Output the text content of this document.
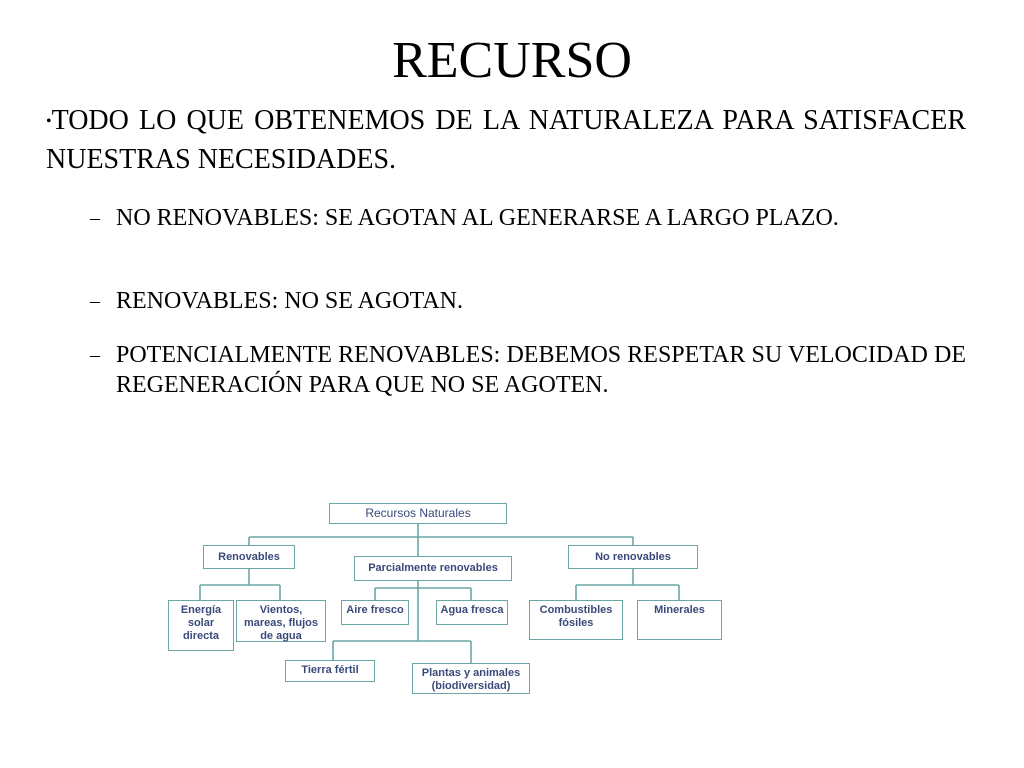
RECURSO

•TODO LO QUE OBTENEMOS DE LA NATURALEZA PARA SATISFACER NUESTRAS NECESIDADES.

– NO RENOVABLES: SE AGOTAN AL GENERARSE A LARGO PLAZO.
– RENOVABLES: NO SE AGOTAN.
– POTENCIALMENTE RENOVABLES: DEBEMOS RESPETAR SU VELOCIDAD DE REGENERACIÓN PARA QUE NO SE AGOTEN.
Recursos Naturales
Renovables
Parcialmente renovables
No renovables
Energía solar directa
Vientos, mareas, flujos de agua
Aire fresco	Agua fresca	Combustibles fósiles
Minerales
Tierra fértil	Plantas y animales (biodiversidad)
